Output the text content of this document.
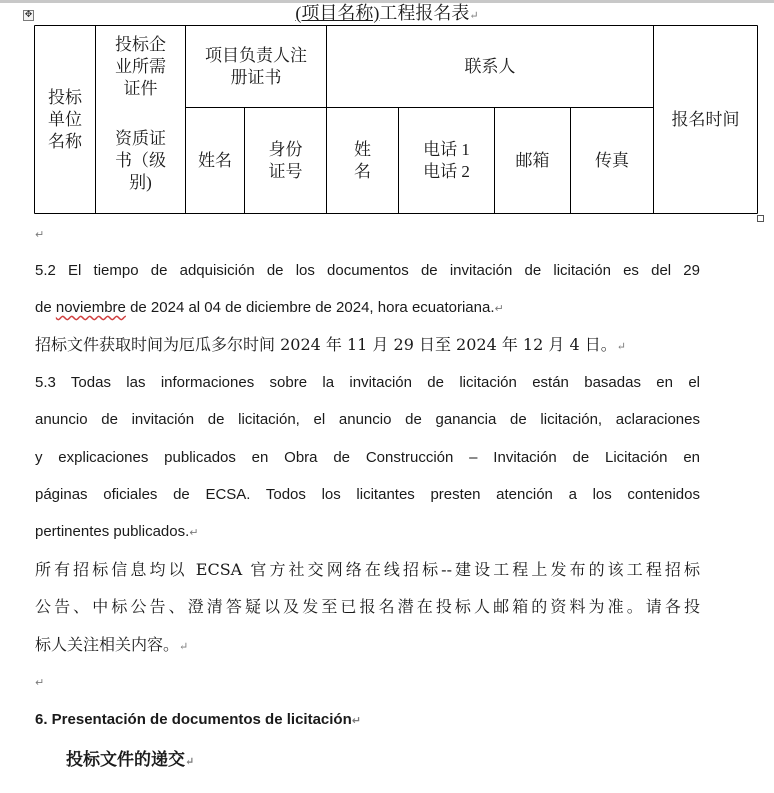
✥	(项目名称)工程报名表↵
投标单位名称
投标企业所需证件
资质证书（级别)
项目负责人注册证书
联系人
姓名
身份证号
姓名
电话 1
电话 2
邮箱	传真
报名时间
↵

5.2 El tiempo de adquisición de los documentos de invitación de licitación es del 29

de noviembre de 2024 al 04 de diciembre de 2024, hora ecuatoriana.↵

招标文件获取时间为厄瓜多尔时间 2024 年 11 月 29 日至 2024 年 12 月 4 日。↵

5.3 Todas las informaciones sobre la invitación de licitación están basadas en el

anuncio de invitación de licitación, el anuncio de ganancia de licitación, aclaraciones

y explicaciones publicados en Obra de Construcción – Invitación de Licitación en

páginas oficiales de ECSA. Todos los licitantes presten atención a los contenidos

pertinentes publicados.↵

所有招标信息均以 ECSA 官方社交网络在线招标--建设工程上发布的该工程招标

公告、中标公告、澄清答疑以及发至已报名潜在投标人邮箱的资料为准。请各投

标人关注相关内容。↵

↵
6. Presentación de documentos de licitación↵
投标文件的递交↵
